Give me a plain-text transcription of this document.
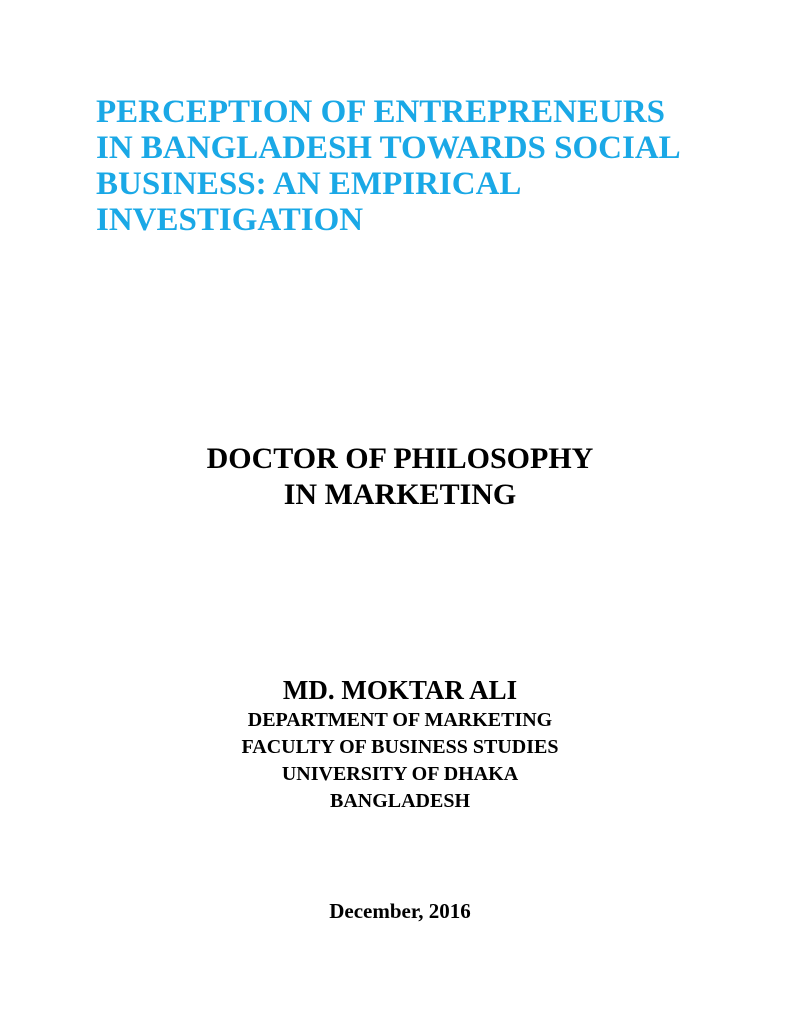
PERCEPTION OF ENTREPRENEURS
IN BANGLADESH TOWARDS SOCIAL
BUSINESS: AN EMPIRICAL
INVESTIGATION
DOCTOR OF PHILOSOPHY
IN MARKETING
MD. MOKTAR ALI
DEPARTMENT OF MARKETING
FACULTY OF BUSINESS STUDIES
UNIVERSITY OF DHAKA
BANGLADESH
December, 2016
